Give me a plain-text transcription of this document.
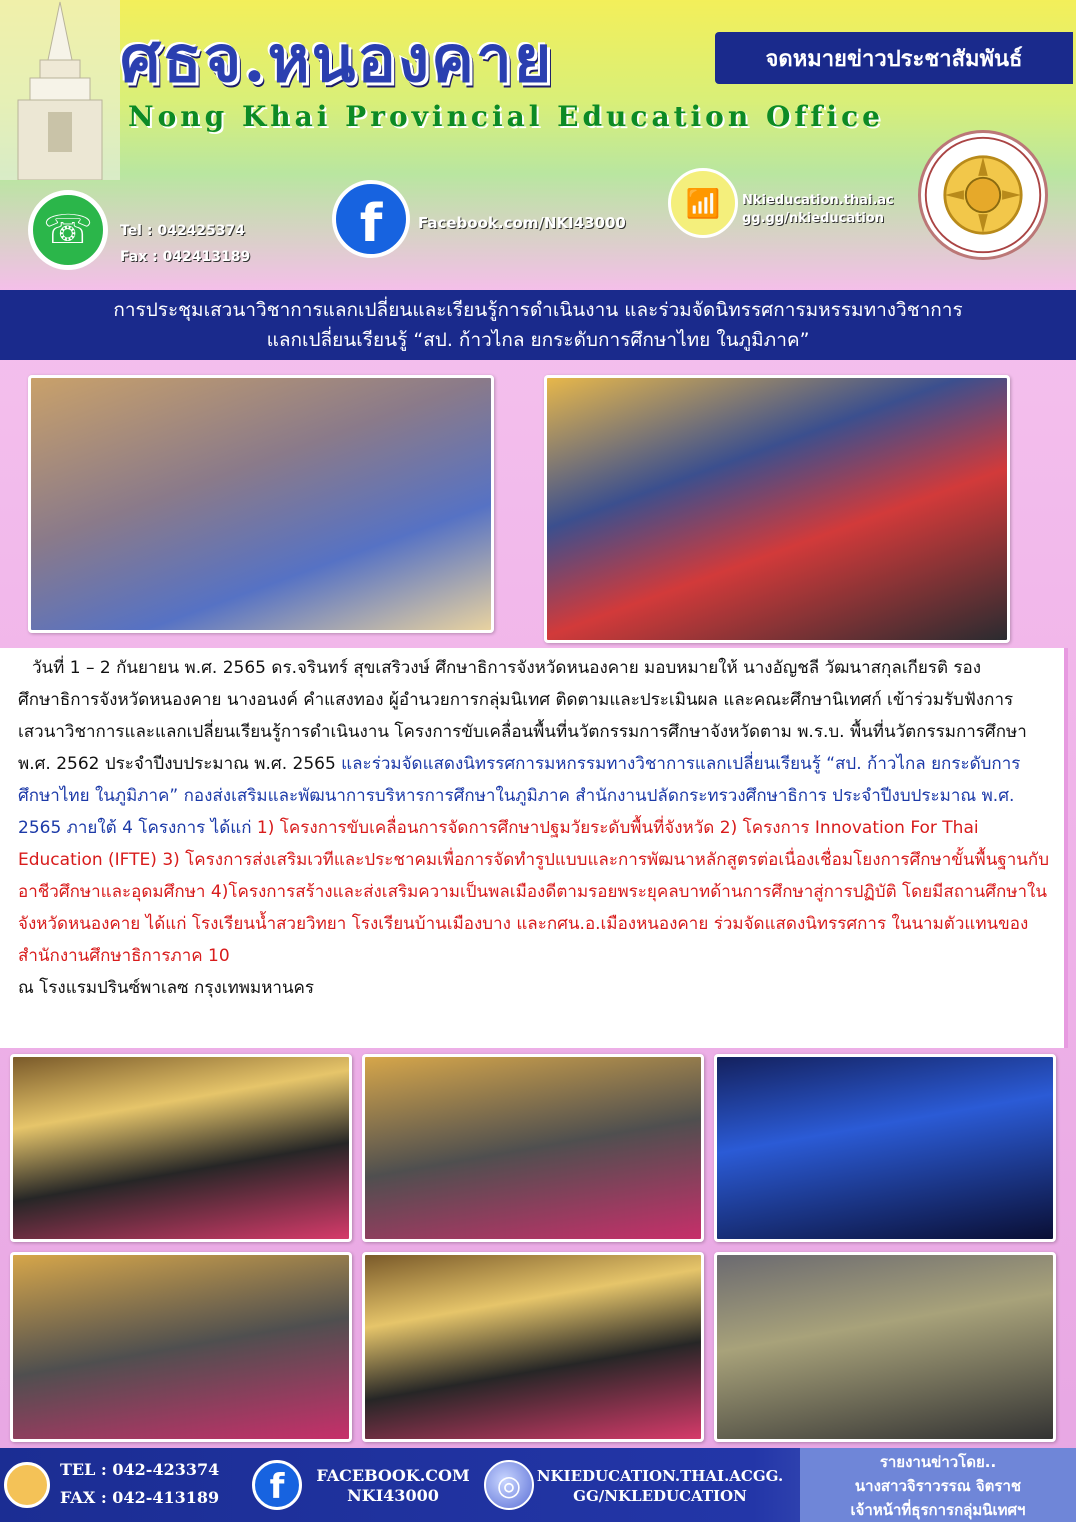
ศธจ.หนองคาย	จดหมายข่าวประชาสัมพันธ์
Nong Khai Provincial Education Office
☏	Tel : 042425374
Fax : 042413189
f	Facebook.com/NKI43000
📶	Nkieducation.thai.ac
gg.gg/nkieducation
การประชุมเสวนาวิชาการแลกเปลี่ยนและเรียนรู้การดำเนินงาน และร่วมจัดนิทรรศการมหรรมทางวิชาการ
แลกเปลี่ยนเรียนรู้ “สป. ก้าวไกล ยกระดับการศึกษาไทย ในภูมิภาค”

วันที่ 1 – 2 กันยายน พ.ศ. 2565 ดร.จรินทร์ สุขเสริวงษ์ ศึกษาธิการจังหวัดหนองคาย มอบหมายให้ นางอัญชลี วัฒนาสกุลเกียรติ รองศึกษาธิการจังหวัดหนองคาย นางอนงค์ คำแสงทอง ผู้อำนวยการกลุ่มนิเทศ ติดตามและประเมินผล และคณะศึกษานิเทศก์ เข้าร่วมรับฟังการเสวนาวิชาการและแลกเปลี่ยนเรียนรู้การดำเนินงาน โครงการขับเคลื่อนพื้นที่นวัตกรรมการศึกษาจังหวัดตาม พ.ร.บ. พื้นที่นวัตกรรมการศึกษา พ.ศ. 2562 ประจำปีงบประมาณ พ.ศ. 2565 และร่วมจัดแสดงนิทรรศการมหกรรมทางวิชาการแลกเปลี่ยนเรียนรู้ “สป. ก้าวไกล ยกระดับการศึกษาไทย ในภูมิภาค” กองส่งเสริมและพัฒนาการบริหารการศึกษาในภูมิภาค สำนักงานปลัดกระทรวงศึกษาธิการ ประจำปีงบประมาณ พ.ศ. 2565 ภายใต้ 4 โครงการ ได้แก่ 1) โครงการขับเคลื่อนการจัดการศึกษาปฐมวัยระดับพื้นที่จังหวัด 2) โครงการ Innovation For Thai Education (IFTE) 3) โครงการส่งเสริมเวทีและประชาคมเพื่อการจัดทำรูปแบบและการพัฒนาหลักสูตรต่อเนื่องเชื่อมโยงการศึกษาขั้นพื้นฐานกับอาชีวศึกษาและอุดมศึกษา 4)โครงการสร้างและส่งเสริมความเป็นพลเมืองดีตามรอยพระยุคลบาทด้านการศึกษาสู่การปฏิบัติ โดยมีสถานศึกษาในจังหวัดหนองคาย ได้แก่ โรงเรียนน้ำสวยวิทยา โรงเรียนบ้านเมืองบาง และกศน.อ.เมืองหนองคาย ร่วมจัดแสดงนิทรรศการ ในนามตัวแทนของ สำนักงานศึกษาธิการภาค 10

ณ โรงแรมปรินซ์พาเลซ กรุงเทพมหานคร
TEL : 042-423374
FAX : 042-413189	f	FACEBOOK.COM
NKI43000	◎	NKIEDUCATION.THAI.ACGG.
GG/NKLEDUCATION
รายงานข่าวโดย..
นางสาวจิราวรรณ จิตราช
เจ้าหน้าที่ธุรการกลุ่มนิเทศฯ
